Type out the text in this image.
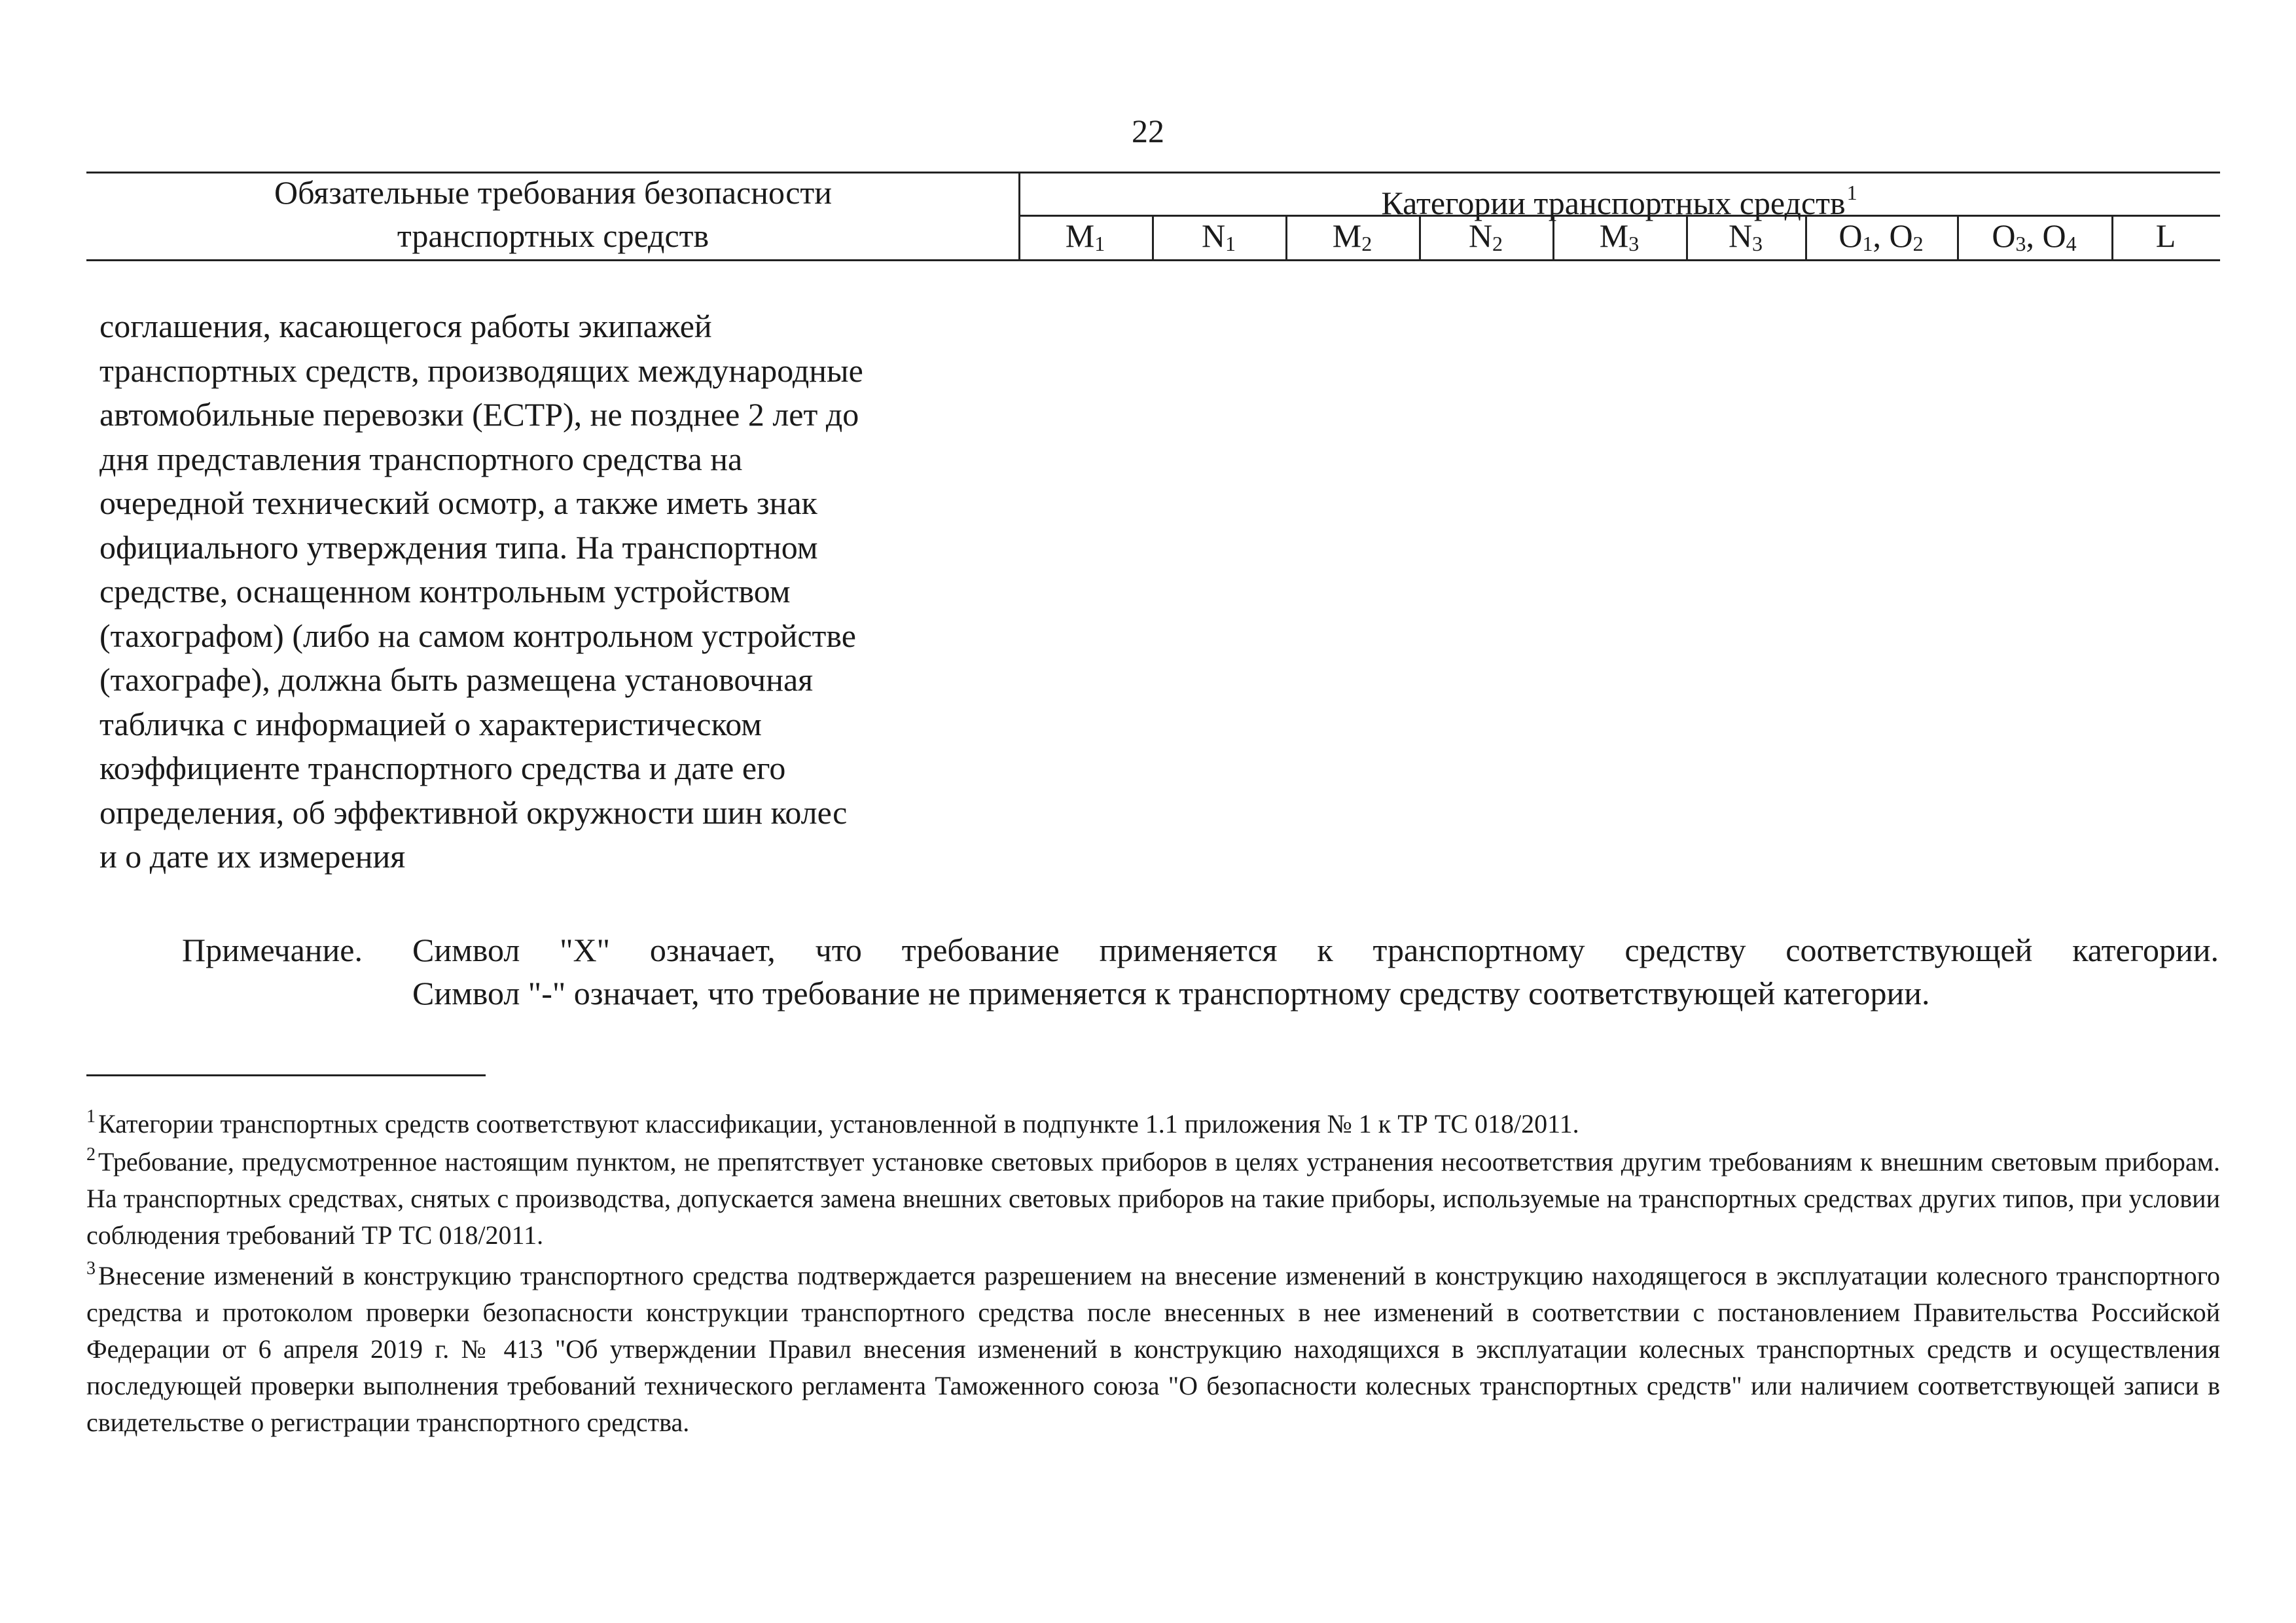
22
Обязательные требования безопасности
транспортных средств
Категории транспортных средств$^1$
$M_1$	$N_1$	$M_2$	$N_2$	$M_3$	$N_3$	$O_1$, $O_2$	$O_3$, $O_4$	L
соглашения, касающегося работы экипажей
транспортных средств, производящих международные
автомобильные перевозки (ЕСТР), не позднее 2 лет до
дня представления транспортного средства на
очередной технический осмотр, а также иметь знак
официального утверждения типа. На транспортном
средстве, оснащенном контрольным устройством
(тахографом) (либо на самом контрольном устройстве
(тахографе), должна быть размещена установочная
табличка с информацией о характеристическом
коэффициенте транспортного средства и дате его
определения, об эффективной окружности шин колес
и о дате их измерения
Примечание. Символ "X" означает, что требование применяется к транспортному средству соответствующей категории.
Символ "-" означает, что требование не применяется к транспортному средству соответствующей категории.
$^1$ Категории транспортных средств соответствуют классификации, установленной в подпункте 1.1 приложения № 1 к ТР ТС 018/2011.
$^2$ Требование, предусмотренное настоящим пунктом, не препятствует установке световых приборов в целях устранения несоответствия другим требованиям к внешним световым приборам. На транспортных средствах, снятых с производства, допускается замена внешних световых приборов на такие приборы, используемые на транспортных средствах других типов, при условии соблюдения требований ТР ТС 018/2011.
$^3$ Внесение изменений в конструкцию транспортного средства подтверждается разрешением на внесение изменений в конструкцию находящегося в эксплуатации колесного транспортного средства и протоколом проверки безопасности конструкции транспортного средства после внесенных в нее изменений в соответствии с постановлением Правительства Российской Федерации от 6 апреля 2019 г. № 413 "Об утверждении Правил внесения изменений в конструкцию находящихся в эксплуатации колесных транспортных средств и осуществления последующей проверки выполнения требований технического регламента Таможенного союза "О безопасности колесных транспортных средств" или наличием соответствующей записи в свидетельстве о регистрации транспортного средства.
